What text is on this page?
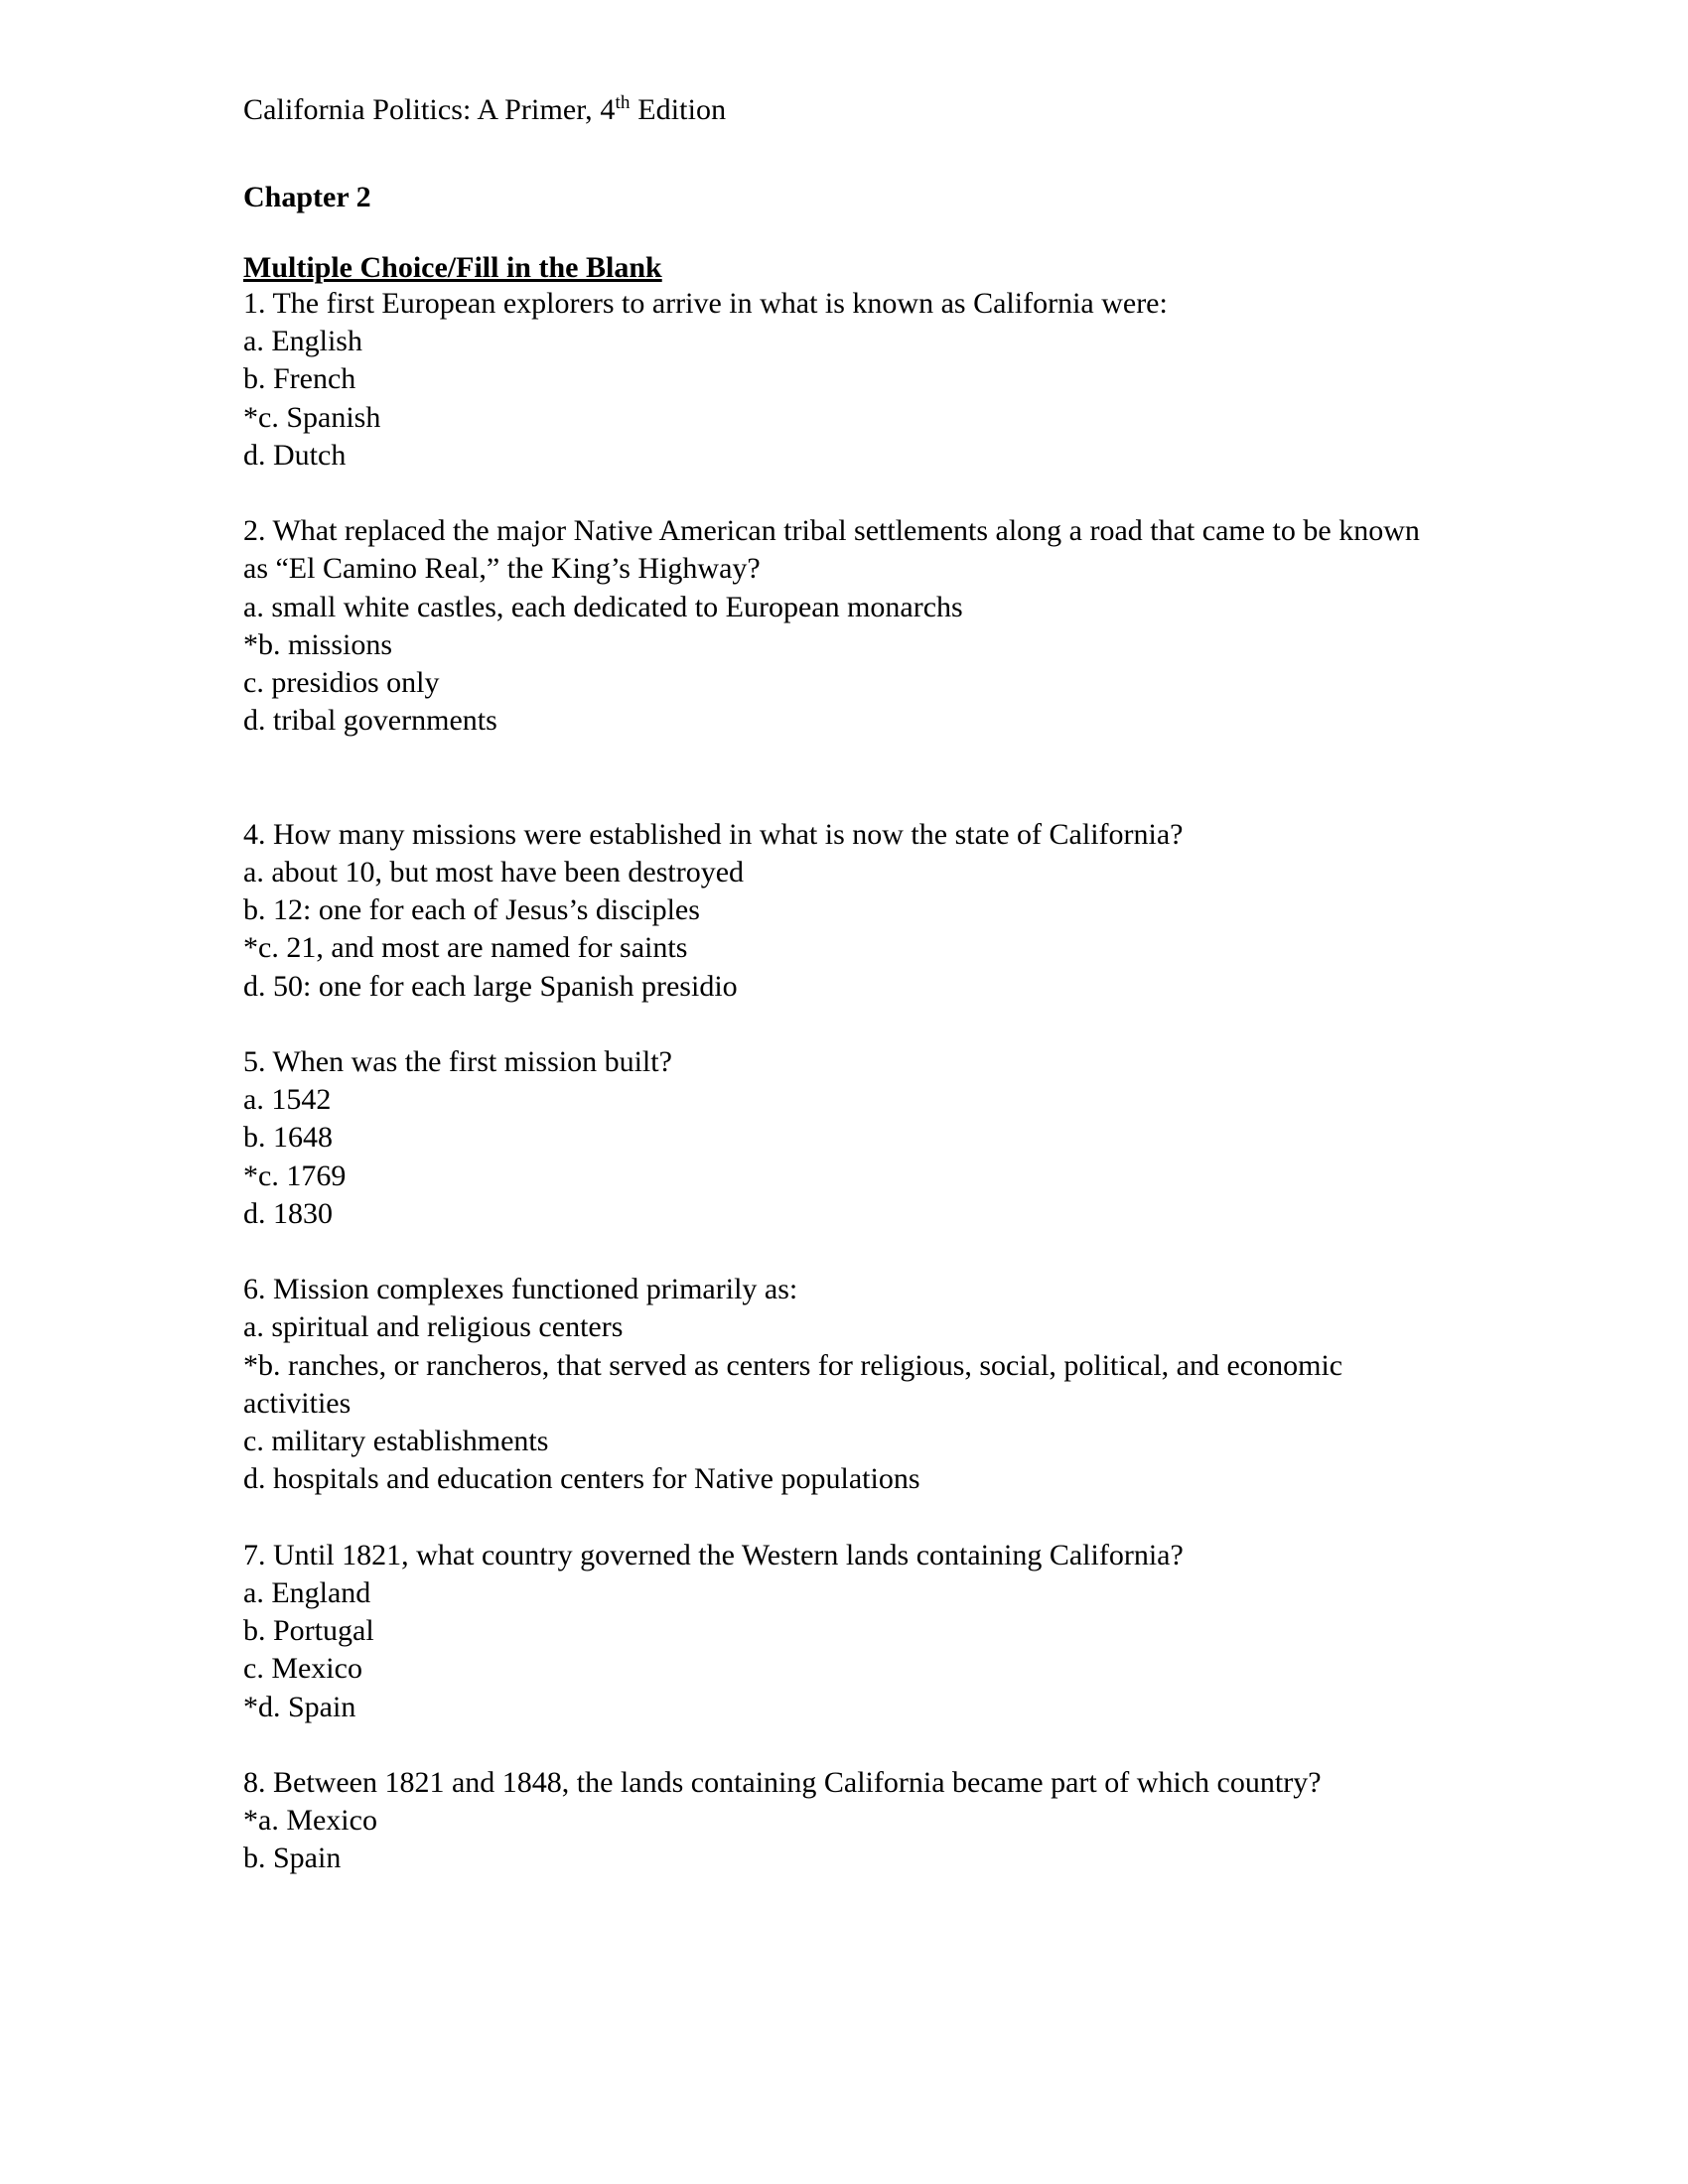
California Politics: A Primer, 4th Edition
Chapter 2
Multiple Choice/Fill in the Blank
1. The first European explorers to arrive in what is known as California were:
a. English
b. French
*c. Spanish
d. Dutch
2. What replaced the major Native American tribal settlements along a road that came to be known as “El Camino Real,” the King’s Highway?
a. small white castles, each dedicated to European monarchs
*b. missions
c. presidios only
d. tribal governments
4. How many missions were established in what is now the state of California?
a. about 10, but most have been destroyed
b. 12: one for each of Jesus’s disciples
*c. 21, and most are named for saints
d. 50: one for each large Spanish presidio
5. When was the first mission built?
a. 1542
b. 1648
*c. 1769
d. 1830
6. Mission complexes functioned primarily as:
a. spiritual and religious centers
*b. ranches, or rancheros, that served as centers for religious, social, political, and economic activities
c. military establishments
d. hospitals and education centers for Native populations
7. Until 1821, what country governed the Western lands containing California?
a. England
b. Portugal
c. Mexico
*d. Spain
8. Between 1821 and 1848, the lands containing California became part of which country?
*a. Mexico
b. Spain
